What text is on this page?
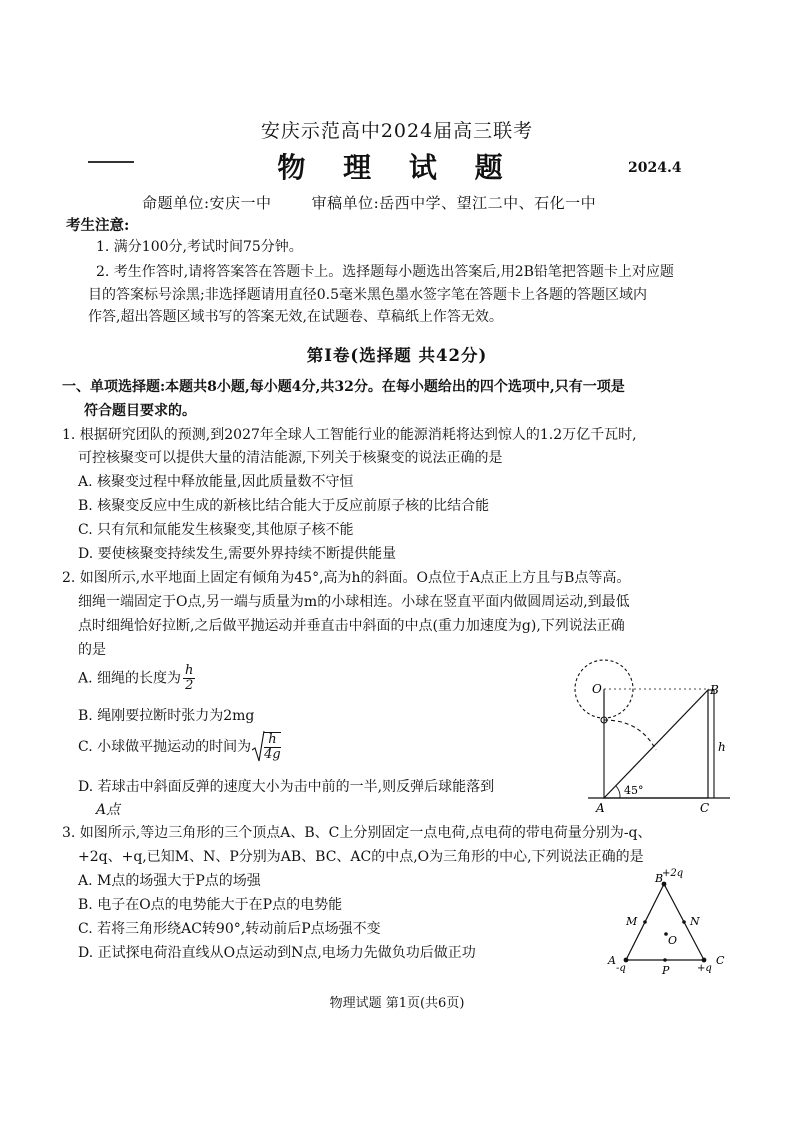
安庆示范高中2024届高三联考
物 理 试 题	2024.4
命题单位:安庆一中	审稿单位:岳西中学、望江二中、石化一中
考生注意:
1. 满分100分,考试时间75分钟。
2. 考生作答时,请将答案答在答题卡上。选择题每小题选出答案后,用2B铅笔把答题卡上对应题
目的答案标号涂黑;非选择题请用直径0.5毫米黑色墨水签字笔在答题卡上各题的答题区域内
作答,超出答题区域书写的答案无效,在试题卷、草稿纸上作答无效。
第Ⅰ卷(选择题 共42分)
一、单项选择题:本题共8小题,每小题4分,共32分。在每小题给出的四个选项中,只有一项是
符合题目要求的。
1. 根据研究团队的预测,到2027年全球人工智能行业的能源消耗将达到惊人的1.2万亿千瓦时,
可控核聚变可以提供大量的清洁能源,下列关于核聚变的说法正确的是
A. 核聚变过程中释放能量,因此质量数不守恒
B. 核聚变反应中生成的新核比结合能大于反应前原子核的比结合能
C. 只有氘和氚能发生核聚变,其他原子核不能
D. 要使核聚变持续发生,需要外界持续不断提供能量
2. 如图所示,水平地面上固定有倾角为45°,高为h的斜面。O点位于A点正上方且与B点等高。
细绳一端固定于O点,另一端与质量为m的小球相连。小球在竖直平面内做圆周运动,到最低
点时细绳恰好拉断,之后做平抛运动并垂直击中斜面的中点(重力加速度为g),下列说法正确
的是
A. 细绳的长度为 $\frac{h}{2}$
B. 绳刚要拉断时张力为2mg
C. 小球做平抛运动的时间为 $\frac{h}{4g}$
D. 若球击中斜面反弹的速度大小为击中前的一半,则反弹后球能落到
A点
O	B
A	C
h
45°
3. 如图所示,等边三角形的三个顶点A、B、C上分别固定一点电荷,点电荷的带电荷量分别为-q、
+2q、+q,已知M、N、P分别为AB、BC、AC的中点,O为三角形的中心,下列说法正确的是
A. M点的场强大于P点的场强
B. 电子在O点的电势能大于在P点的电势能
C. 若将三角形绕AC转90°,转动前后P点场强不变
D. 正试探电荷沿直线从O点运动到N点,电场力先做负功后做正功
B
+2q
M	N
O
A
-q	P
C
+q
物理试题 第1页(共6页)
